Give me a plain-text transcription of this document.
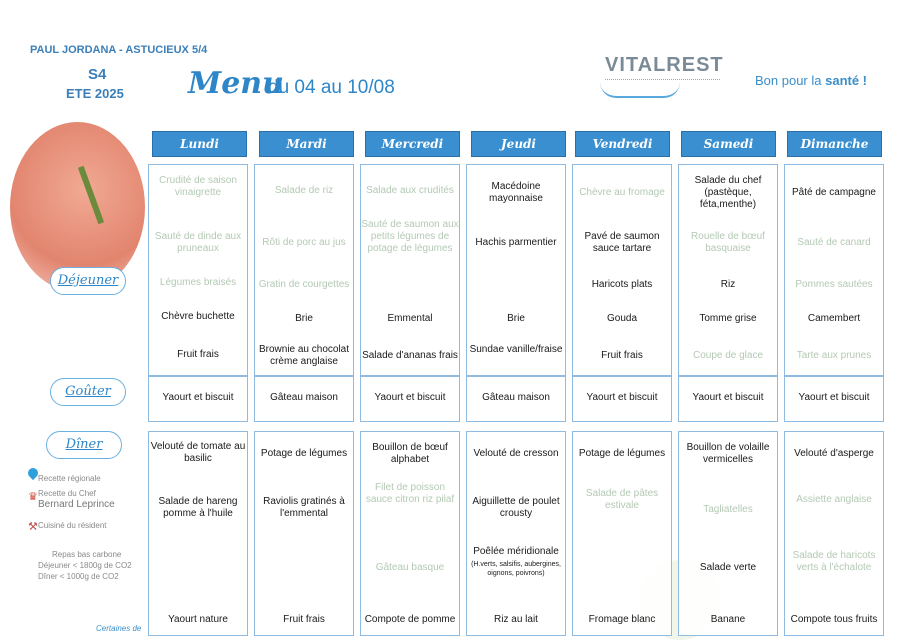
PAUL JORDANA - ASTUCIEUX 5/4
S4
ETE 2025	Menu
du 04 au 10/08
VITALREST
Bon pour la santé !
Déjeuner
Goûter
Dîner
Recette régionale
♛ Recette du Chef
Bernard Leprince
⚒ Cuisiné du résident
Repas bas carbone
Déjeuner < 1800g de CO2
Dîner < 1000g de CO2
Certaines de
Lundi
Crudité de saison vinaigrette
Sauté de dinde aux pruneaux
Légumes braisés
Chèvre buchette
Fruit frais
Yaourt et biscuit
Velouté de tomate au basilic
Salade de hareng pomme à l'huile
Yaourt nature
Mardi
Salade de riz
Rôti de porc au jus
Gratin de courgettes
Brie
Brownie au chocolat crème anglaise
Gâteau maison
Potage de légumes
Raviolis gratinés à l'emmental
Fruit frais
Mercredi
Salade aux crudités
Sauté de saumon aux petits légumes de potage de légumes
Emmental
Salade d'ananas frais
Yaourt et biscuit
Bouillon de bœuf alphabet
Filet de poisson sauce citron riz pilaf
Gâteau basque
Compote de pomme
Jeudi
Macédoine mayonnaise
Hachis parmentier
Brie
Sundae vanille/fraise
Gâteau maison
Velouté de cresson
Aiguillette de poulet crousty
Poêlée méridionale
(H.verts, salsifis, aubergines, oignons, poivrons)
Riz au lait
Vendredi
Chèvre au fromage
Pavé de saumon sauce tartare
Haricots plats
Gouda
Fruit frais
Yaourt et biscuit
Potage de légumes
Salade de pâtes estivale
Fromage blanc
Samedi
Salade du chef (pastèque, féta,menthe)
Rouelle de bœuf basquaise
Riz
Tomme grise
Coupe de glace
Yaourt et biscuit
Bouillon de volaille vermicelles
Tagliatelles
Salade verte
Banane
Dimanche
Pâté de campagne
Sauté de canard
Pommes sautées
Camembert
Tarte aux prunes
Yaourt et biscuit
Velouté d'asperge
Assiette anglaise
Salade de haricots verts à l'échalote
Compote tous fruits
